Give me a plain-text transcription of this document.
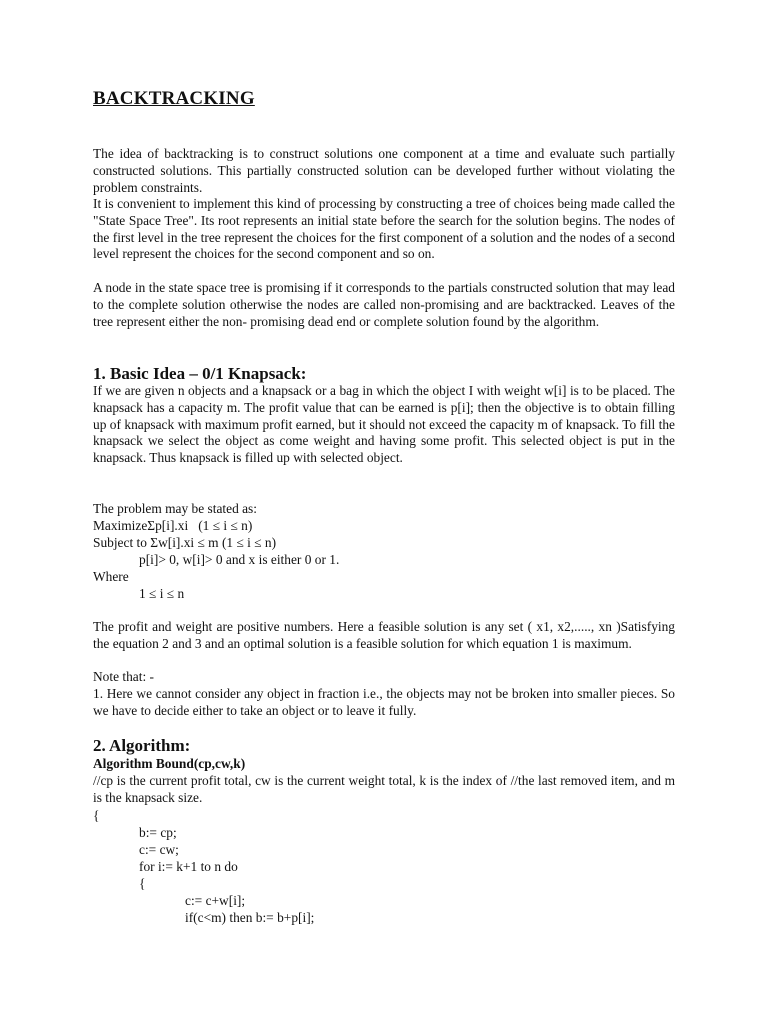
BACKTRACKING

The idea of backtracking is to construct solutions one component at a time and evaluate such partially constructed solutions. This partially constructed solution can be developed further without violating the problem constraints.

It is convenient to implement this kind of processing by constructing a tree of choices being made called the "State Space Tree". Its root represents an initial state before the search for the solution begins. The nodes of the first level in the tree represent the choices for the first component of a solution and the nodes of a second level represent the choices for the second component and so on.

A node in the state space tree is promising if it corresponds to the partials constructed solution that may lead to the complete solution otherwise the nodes are called non-promising and are backtracked. Leaves of the tree represent either the non- promising dead end or complete solution found by the algorithm.

1. Basic Idea – 0/1 Knapsack:

If we are given n objects and a knapsack or a bag in which the object I with weight w[i] is to be placed. The knapsack has a capacity m. The profit value that can be earned is p[i]; then the objective is to obtain filling up of knapsack with maximum profit earned, but it should not exceed the capacity m of knapsack. To fill the knapsack we select the object as come weight and having some profit. This selected object is put in the knapsack. Thus knapsack is filled up with selected object.

The problem may be stated as:

MaximizeΣp[i].xi   (1 ≤ i ≤ n)

Subject to Σw[i].xi ≤ m (1 ≤ i ≤ n)

p[i]> 0, w[i]> 0 and x is either 0 or 1.

Where

1 ≤ i ≤ n

The profit and weight are positive numbers. Here a feasible solution is any set ( x1, x2,....., xn )Satisfying the equation 2 and 3 and an optimal solution is a feasible solution for which equation 1 is maximum.

Note that: -

1. Here we cannot consider any object in fraction i.e., the objects may not be broken into smaller pieces. So we have to decide either to take an object or to leave it fully.

2. Algorithm:

Algorithm Bound(cp,cw,k)

//cp is the current profit total, cw is the current weight total, k is the index of //the last removed item, and m is the knapsack size.

{

b:= cp;

c:= cw;

for i:= k+1 to n do

{

c:= c+w[i];

if(c<m) then b:= b+p[i];
